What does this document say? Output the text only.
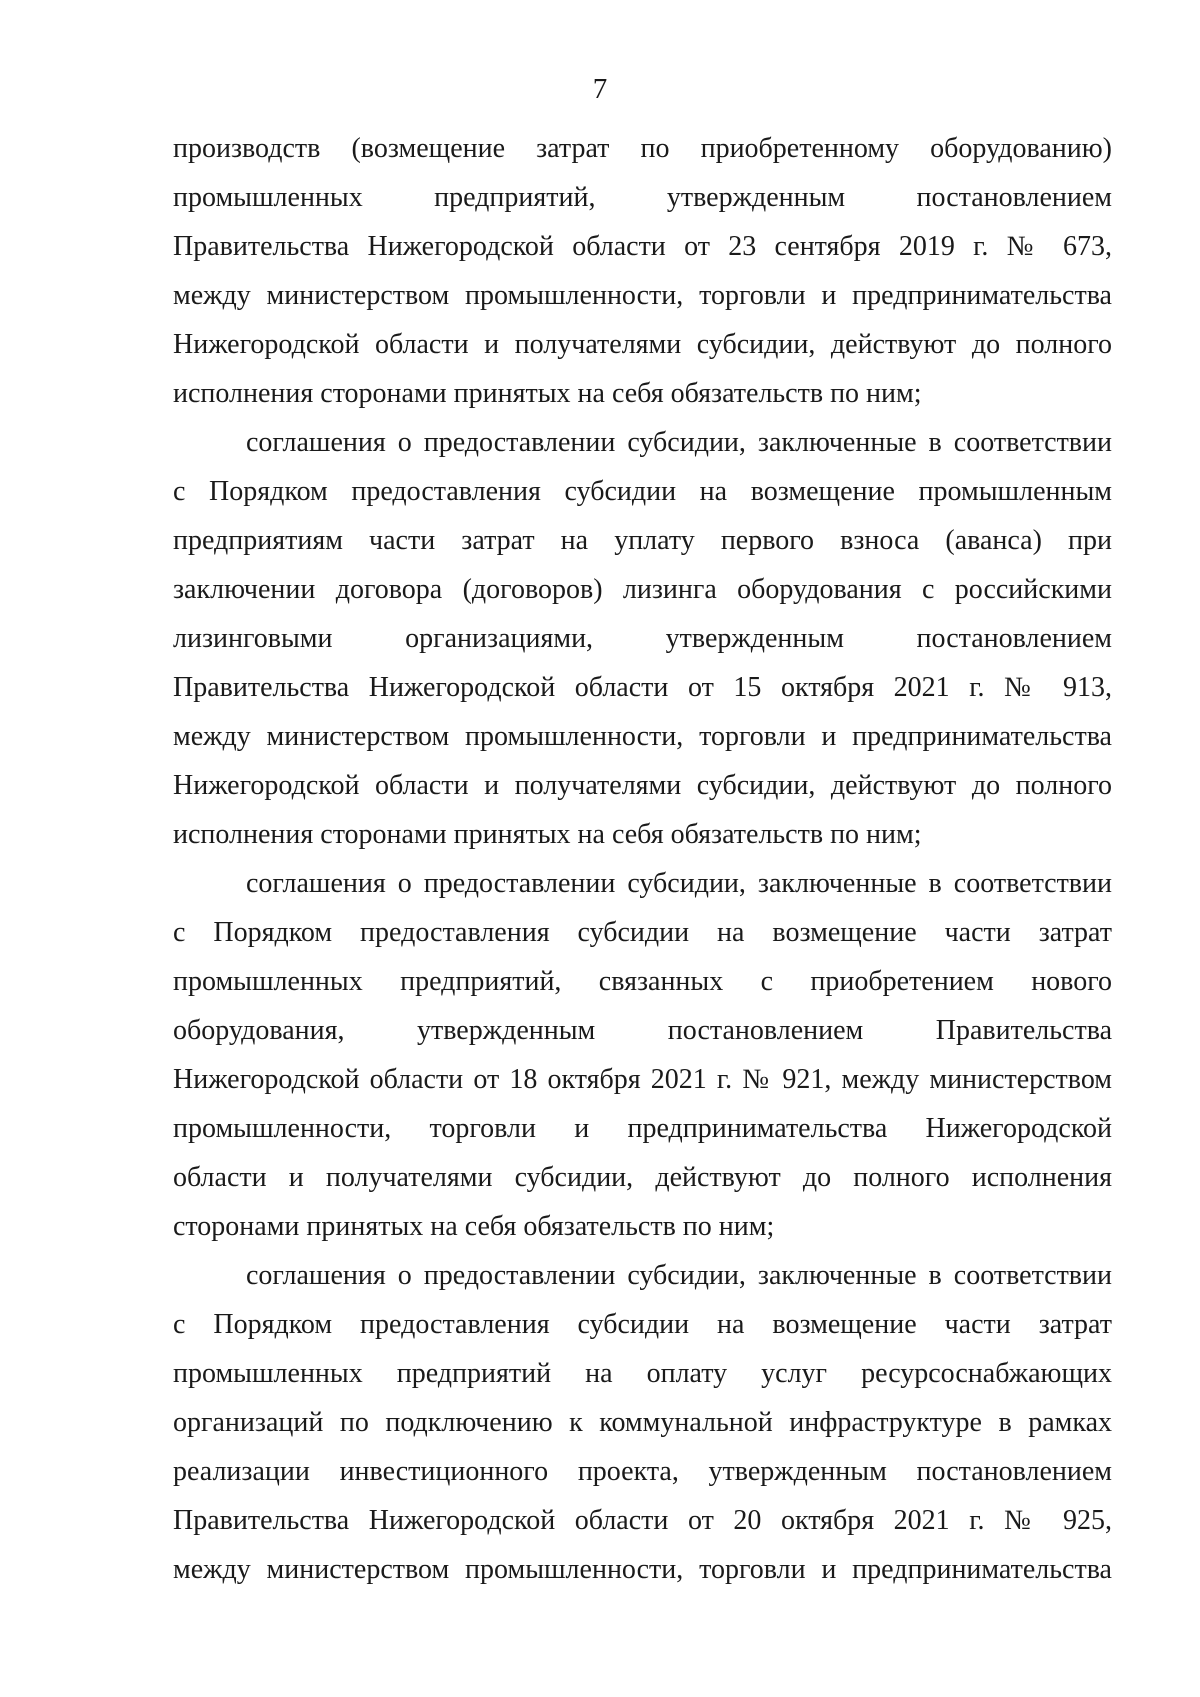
7
производств (возмещение затрат по приобретенному оборудованию)
промышленных предприятий, утвержденным постановлением
Правительства Нижегородской области от 23 сентября 2019 г. № 673,
между министерством промышленности, торговли и предпринимательства
Нижегородской области и получателями субсидии, действуют до полного
исполнения сторонами принятых на себя обязательств по ним;
соглашения о предоставлении субсидии, заключенные в соответствии
с Порядком предоставления субсидии на возмещение промышленным
предприятиям части затрат на уплату первого взноса (аванса) при
заключении договора (договоров) лизинга оборудования с российскими
лизинговыми организациями, утвержденным постановлением
Правительства Нижегородской области от 15 октября 2021 г. № 913,
между министерством промышленности, торговли и предпринимательства
Нижегородской области и получателями субсидии, действуют до полного
исполнения сторонами принятых на себя обязательств по ним;
соглашения о предоставлении субсидии, заключенные в соответствии
с Порядком предоставления субсидии на возмещение части затрат
промышленных предприятий, связанных с приобретением нового
оборудования, утвержденным постановлением Правительства
Нижегородской области от 18 октября 2021 г. № 921, между министерством
промышленности, торговли и предпринимательства Нижегородской
области и получателями субсидии, действуют до полного исполнения
сторонами принятых на себя обязательств по ним;
соглашения о предоставлении субсидии, заключенные в соответствии
с Порядком предоставления субсидии на возмещение части затрат
промышленных предприятий на оплату услуг ресурсоснабжающих
организаций по подключению к коммунальной инфраструктуре в рамках
реализации инвестиционного проекта, утвержденным постановлением
Правительства Нижегородской области от 20 октября 2021 г. № 925,
между министерством промышленности, торговли и предпринимательства
